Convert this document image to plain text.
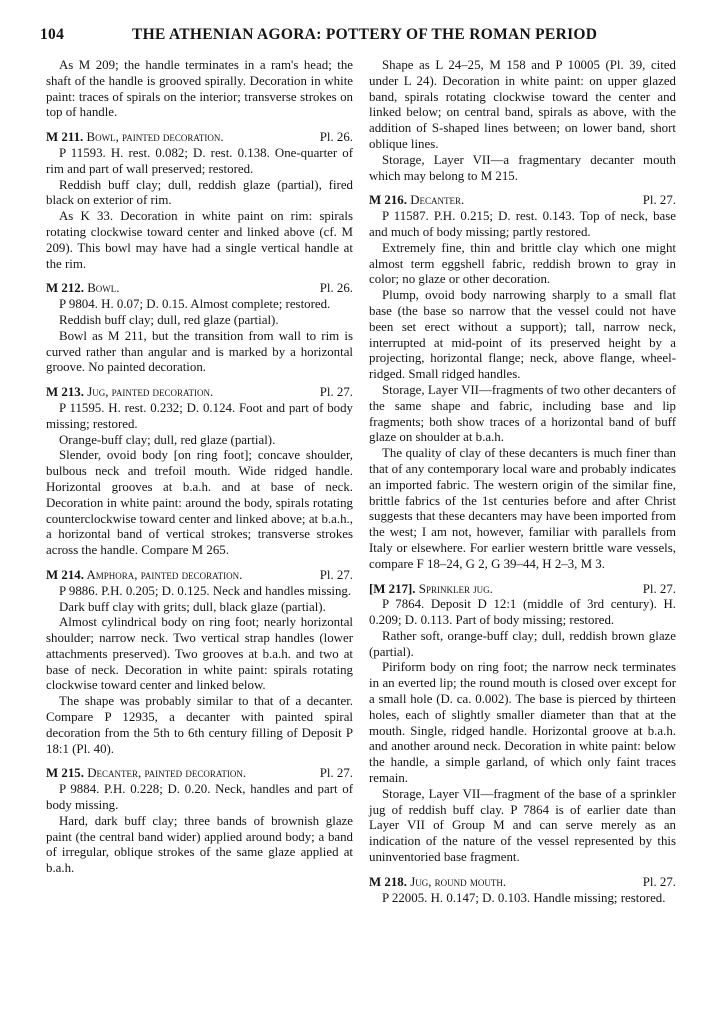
104	THE ATHENIAN AGORA: POTTERY OF THE ROMAN PERIOD

As M 209; the handle terminates in a ram's head; the shaft of the handle is grooved spirally. Decoration in white paint: traces of spirals on the interior; transverse strokes on top of handle.

M 211. Bowl, painted decoration.	Pl. 26.

P 11593. H. rest. 0.082; D. rest. 0.138. One-quarter of rim and part of wall preserved; restored.

Reddish buff clay; dull, reddish glaze (partial), fired black on exterior of rim.

As K 33. Decoration in white paint on rim: spirals rotating clockwise toward center and linked above (cf. M 209). This bowl may have had a single vertical handle at the rim.

M 212. Bowl.	Pl. 26.

P 9804. H. 0.07; D. 0.15. Almost complete; restored.

Reddish buff clay; dull, red glaze (partial).

Bowl as M 211, but the transition from wall to rim is curved rather than angular and is marked by a horizontal groove. No painted decoration.

M 213. Jug, painted decoration.	Pl. 27.

P 11595. H. rest. 0.232; D. 0.124. Foot and part of body missing; restored.

Orange-buff clay; dull, red glaze (partial).

Slender, ovoid body [on ring foot]; concave shoulder, bulbous neck and trefoil mouth. Wide ridged handle. Horizontal grooves at b.a.h. and at base of neck. Decoration in white paint: around the body, spirals rotating counterclockwise toward center and linked above; at b.a.h., a horizontal band of vertical strokes; transverse strokes across the handle. Compare M 265.

M 214. Amphora, painted decoration.	Pl. 27.

P 9886. P.H. 0.205; D. 0.125. Neck and handles missing.

Dark buff clay with grits; dull, black glaze (partial).

Almost cylindrical body on ring foot; nearly horizontal shoulder; narrow neck. Two vertical strap handles (lower attachments preserved). Two grooves at b.a.h. and two at base of neck. Decoration in white paint: spirals rotating clockwise toward center and linked below.

The shape was probably similar to that of a decanter. Compare P 12935, a decanter with painted spiral decoration from the 5th to 6th century filling of Deposit P 18:1 (Pl. 40).

M 215. Decanter, painted decoration.	Pl. 27.

P 9884. P.H. 0.228; D. 0.20. Neck, handles and part of body missing.

Hard, dark buff clay; three bands of brownish glaze paint (the central band wider) applied around body; a band of irregular, oblique strokes of the same glaze applied at b.a.h.

Shape as L 24–25, M 158 and P 10005 (Pl. 39, cited under L 24). Decoration in white paint: on upper glazed band, spirals rotating clockwise toward the center and linked below; on central band, spirals as above, with the addition of S-shaped lines between; on lower band, short oblique lines.

Storage, Layer VII—a fragmentary decanter mouth which may belong to M 215.

M 216. Decanter.	Pl. 27.

P 11587. P.H. 0.215; D. rest. 0.143. Top of neck, base and much of body missing; partly restored.

Extremely fine, thin and brittle clay which one might almost term eggshell fabric, reddish brown to gray in color; no glaze or other decoration.

Plump, ovoid body narrowing sharply to a small flat base (the base so narrow that the vessel could not have been set erect without a support); tall, narrow neck, interrupted at mid-point of its preserved height by a projecting, horizontal flange; neck, above flange, wheel-ridged. Small ridged handles.

Storage, Layer VII—fragments of two other decanters of the same shape and fabric, including base and lip fragments; both show traces of a horizontal band of buff glaze on shoulder at b.a.h.

The quality of clay of these decanters is much finer than that of any contemporary local ware and probably indicates an imported fabric. The western origin of the similar fine, brittle fabrics of the 1st centuries before and after Christ suggests that these decanters may have been imported from the west; I am not, however, familiar with parallels from Italy or elsewhere. For earlier western brittle ware vessels, compare F 18–24, G 2, G 39–44, H 2–3, M 3.

[M 217]. Sprinkler jug.	Pl. 27.

P 7864. Deposit D 12:1 (middle of 3rd century). H. 0.209; D. 0.113. Part of body missing; restored.

Rather soft, orange-buff clay; dull, reddish brown glaze (partial).

Piriform body on ring foot; the narrow neck terminates in an everted lip; the round mouth is closed over except for a small hole (D. ca. 0.002). The base is pierced by thirteen holes, each of slightly smaller diameter than that at the mouth. Single, ridged handle. Horizontal groove at b.a.h. and another around neck. Decoration in white paint: below the handle, a simple garland, of which only faint traces remain.

Storage, Layer VII—fragment of the base of a sprinkler jug of reddish buff clay. P 7864 is of earlier date than Layer VII of Group M and can serve merely as an indication of the nature of the vessel represented by this uninventoried base fragment.

M 218. Jug, round mouth.	Pl. 27.

P 22005. H. 0.147; D. 0.103. Handle missing; restored.
